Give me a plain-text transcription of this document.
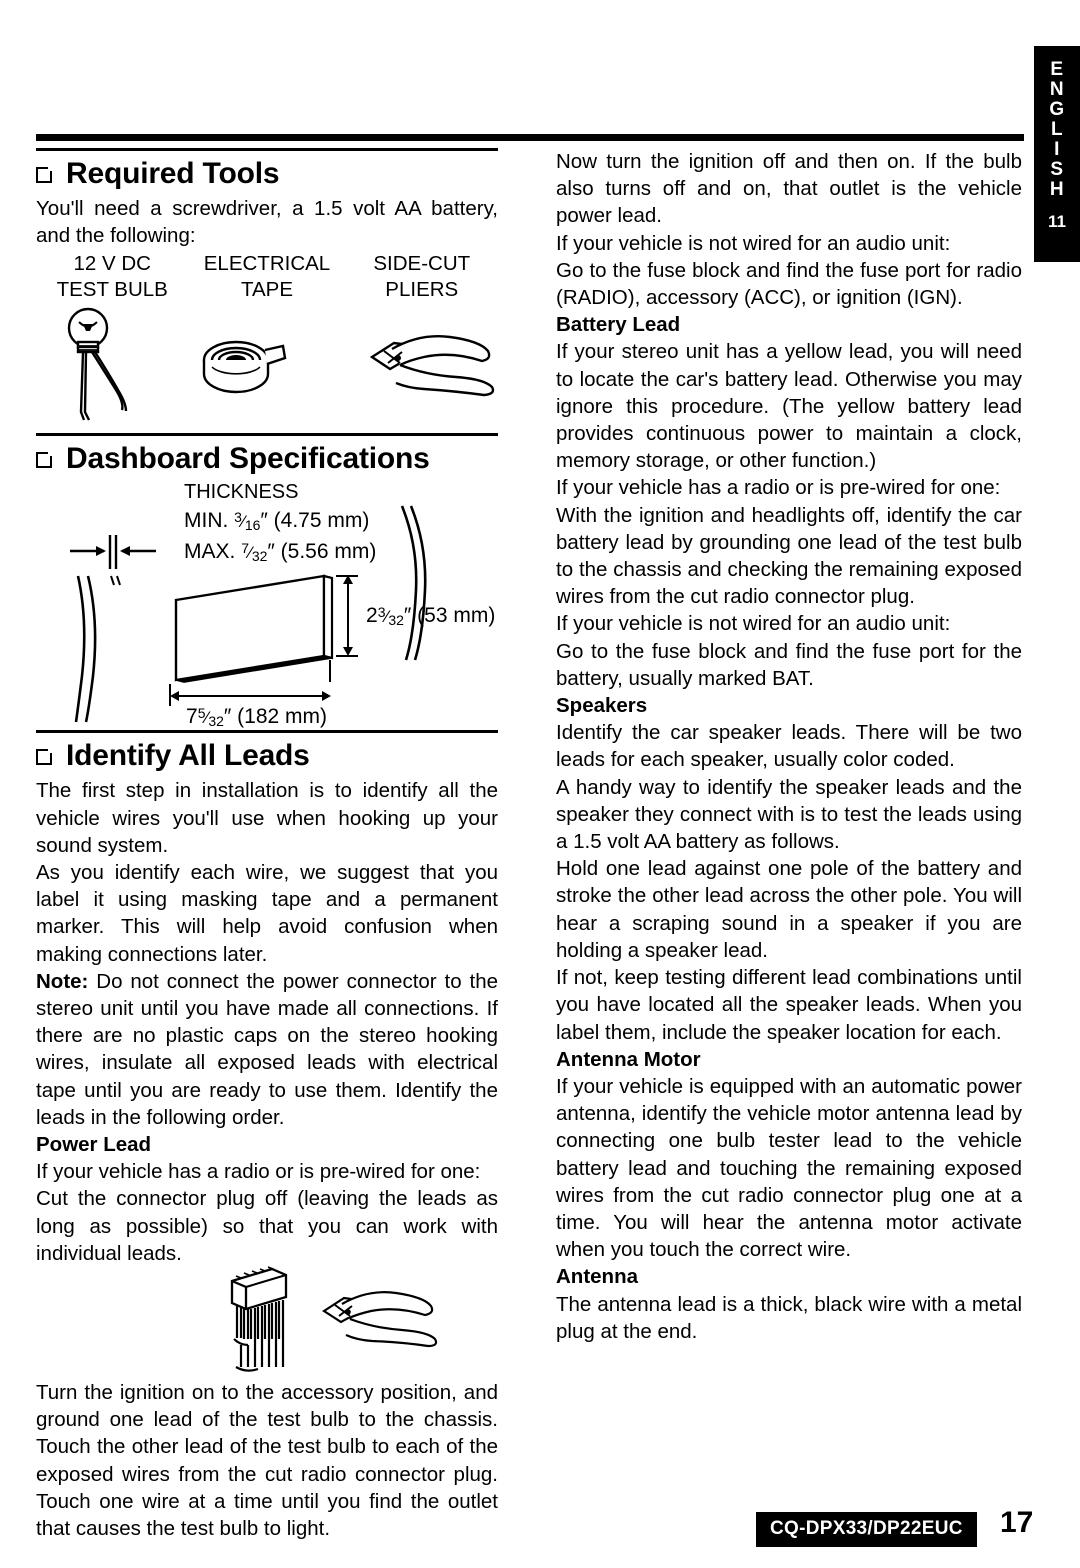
E
N
G
L
I
S
H
11
Required Tools

You'll need a screwdriver, a 1.5 volt AA battery, and the following:

12 V DC	ELECTRICAL	SIDE-CUT
TEST BULB	TAPE	PLIERS
Dashboard Specifications
THICKNESS
MIN. $^3_⁄$16″ (4.75 mm)
MAX. $^7_⁄$32″ (5.56 mm)
$2^3_⁄32''$ (53 mm)
$7^5_⁄32''$ (182 mm)
Identify All Leads

The first step in installation is to identify all the vehicle wires you'll use when hooking up your sound system.

As you identify each wire, we suggest that you label it using masking tape and a permanent marker. This will help avoid confusion when making connections later.

Note: Do not connect the power connector to the stereo unit until you have made all connections. If there are no plastic caps on the stereo hooking wires, insulate all exposed leads with electrical tape until you are ready to use them. Identify the leads in the following order.

Power Lead

If your vehicle has a radio or is pre-wired for one:

Cut the connector plug off (leaving the leads as long as possible) so that you can work with individual leads.

Turn the ignition on to the accessory position, and ground one lead of the test bulb to the chassis. Touch the other lead of the test bulb to each of the exposed wires from the cut radio connector plug. Touch one wire at a time until you find the outlet that causes the test bulb to light.

Now turn the ignition off and then on. If the bulb also turns off and on, that outlet is the vehicle power lead.

If your vehicle is not wired for an audio unit:

Go to the fuse block and find the fuse port for radio (RADIO), accessory (ACC), or ignition (IGN).

Battery Lead

If your stereo unit has a yellow lead, you will need to locate the car's battery lead. Otherwise you may ignore this procedure. (The yellow battery lead provides continuous power to maintain a clock, memory storage, or other function.)

If your vehicle has a radio or is pre-wired for one:

With the ignition and headlights off, identify the car battery lead by grounding one lead of the test bulb to the chassis and checking the remaining exposed wires from the cut radio connector plug.

If your vehicle is not wired for an audio unit:

Go to the fuse block and find the fuse port for the battery, usually marked BAT.

Speakers

Identify the car speaker leads. There will be two leads for each speaker, usually color coded.

A handy way to identify the speaker leads and the speaker they connect with is to test the leads using a 1.5 volt AA battery as follows.

Hold one lead against one pole of the battery and stroke the other lead across the other pole. You will hear a scraping sound in a speaker if you are holding a speaker lead.

If not, keep testing different lead combinations until you have located all the speaker leads. When you label them, include the speaker location for each.

Antenna Motor

If your vehicle is equipped with an automatic power antenna, identify the vehicle motor antenna lead by connecting one bulb tester lead to the vehicle battery lead and touching the remaining exposed wires from the cut radio connector plug one at a time. You will hear the antenna motor activate when you touch the correct wire.

Antenna

The antenna lead is a thick, black wire with a metal plug at the end.

CQ-DPX33/DP22EUC	17
